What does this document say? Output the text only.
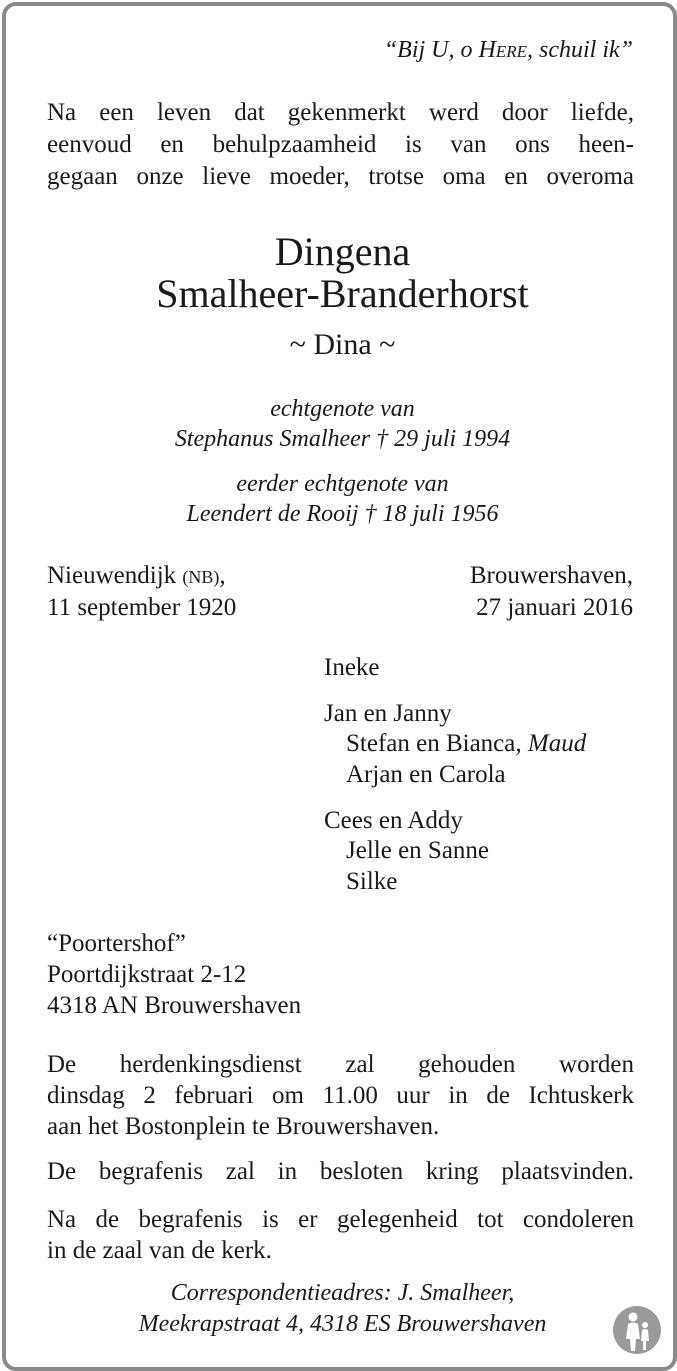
“Bij U, o Here, schuil ik”
Na een leven dat gekenmerkt werd door liefde,
eenvoud en behulpzaamheid is van ons heen-
gegaan onze lieve moeder, trotse oma en overoma
Dingena
Smalheer-Branderhorst
~ Dina ~
echtgenote van
Stephanus Smalheer † 29 juli 1994
eerder echtgenote van
Leendert de Rooij † 18 juli 1956
Nieuwendijk (NB),
11 september 1920
Brouwershaven,
27 januari 2016
Ineke
Jan en Janny
Stefan en Bianca, Maud
Arjan en Carola
Cees en Addy
Jelle en Sanne
Silke
“Poortershof”
Poortdijkstraat 2-12
4318 AN Brouwershaven
De herdenkingsdienst zal gehouden worden
dinsdag 2 februari om 11.00 uur in de Ichtuskerk
aan het Bostonplein te Brouwershaven.
De begrafenis zal in besloten kring plaatsvinden.
Na de begrafenis is er gelegenheid tot condoleren
in de zaal van de kerk.
Correspondentieadres: J. Smalheer,
Meekrapstraat 4, 4318 ES Brouwershaven
